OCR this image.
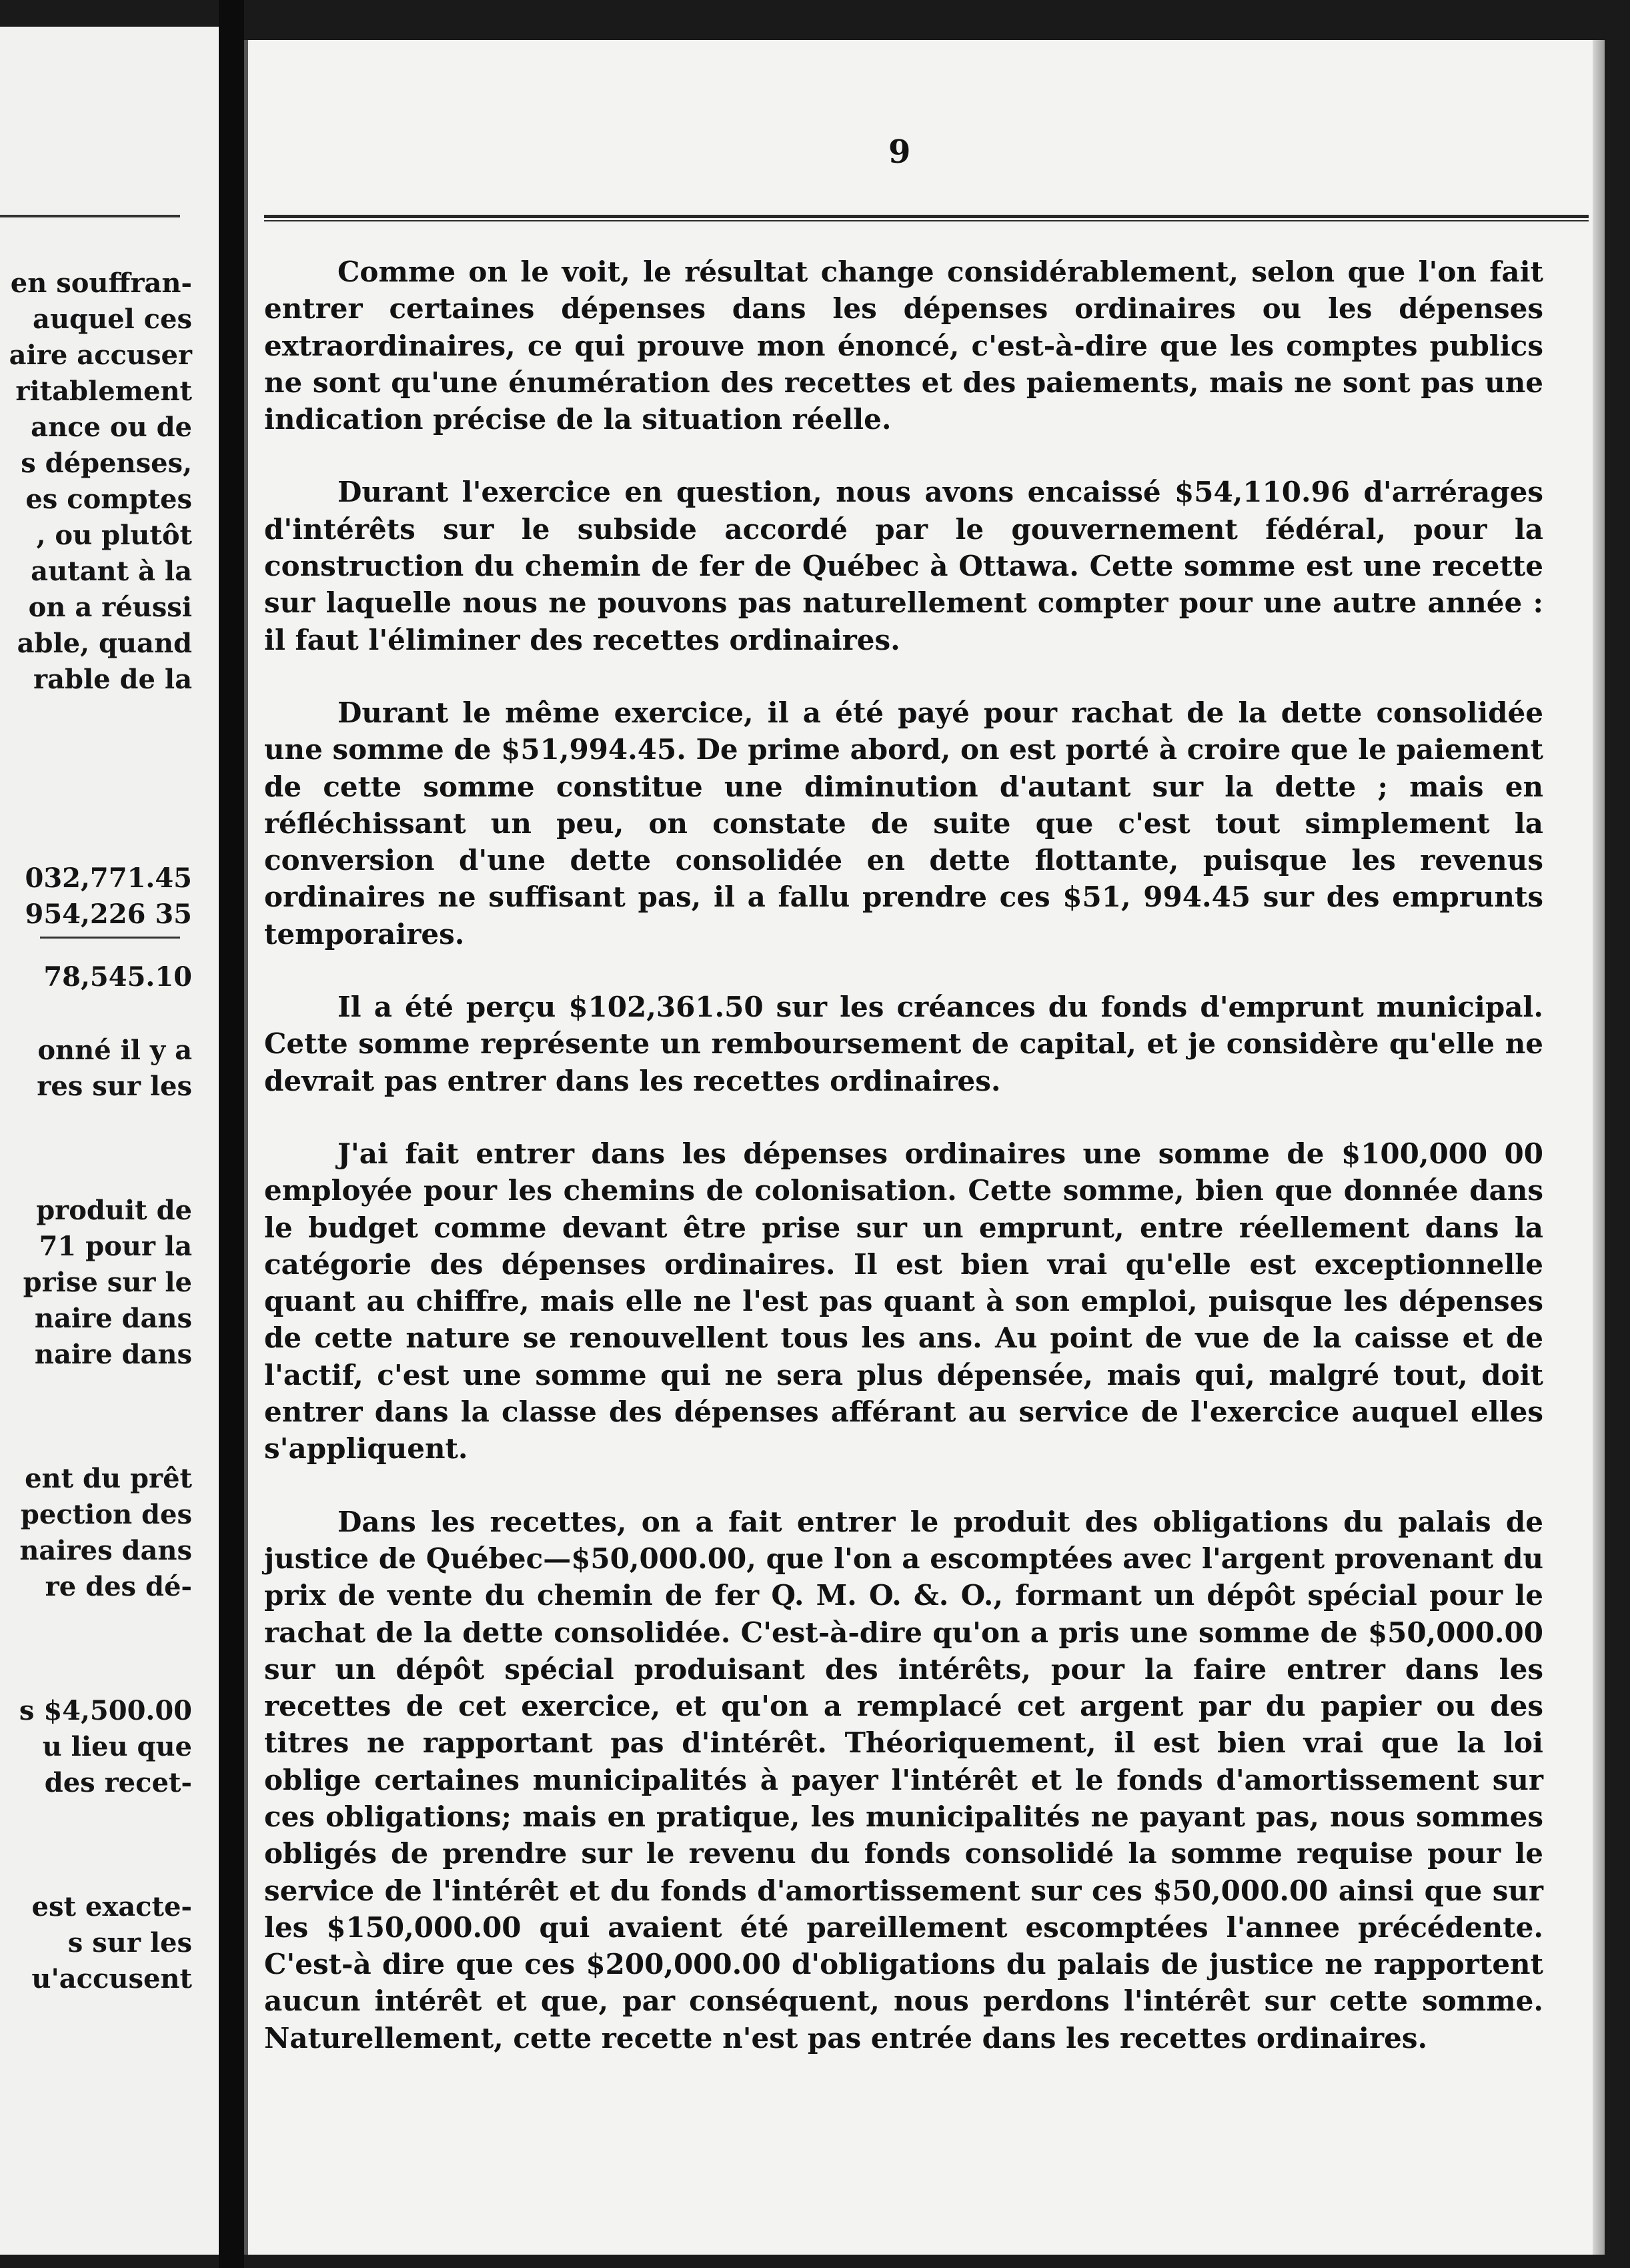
en souffran-
auquel ces
aire accuser
ritablement
ance ou de
s dépenses,
es comptes
, ou plutôt
autant à la
on a réussi
able, quand
rable de la
032,771.45
954,226 35
78,545.10
onné il y a
res sur les
produit de
71 pour la
prise sur le
naire dans
naire dans
ent du prêt
pection des
naires dans
re des dé-
s $4,500.00
u lieu que
des recet-
est exacte-
s sur les
u'accusent
9

Comme on le voit, le résultat change considérablement, selon que l'on fait entrer certaines dépenses dans les dépenses ordinaires ou les dépenses extraordinaires, ce qui prouve mon énoncé, c'est-à-dire que les comptes publics ne sont qu'une énumération des recettes et des paiements, mais ne sont pas une indication précise de la situation réelle.

Durant l'exercice en question, nous avons encaissé $54,110.96 d'arrérages d'intérêts sur le subside accordé par le gouvernement fédéral, pour la construction du chemin de fer de Québec à Ottawa. Cette somme est une recette sur laquelle nous ne pouvons pas naturellement compter pour une autre année : il faut l'éliminer des recettes ordinaires.

Durant le même exercice, il a été payé pour rachat de la dette consolidée une somme de $51,994.45. De prime abord, on est porté à croire que le paiement de cette somme constitue une diminution d'autant sur la dette ; mais en réfléchissant un peu, on constate de suite que c'est tout simplement la conversion d'une dette consolidée en dette flottante, puisque les revenus ordinaires ne suffisant pas, il a fallu prendre ces $51, 994.45 sur des emprunts temporaires.

Il a été perçu $102,361.50 sur les créances du fonds d'emprunt municipal. Cette somme représente un remboursement de capital, et je considère qu'elle ne devrait pas entrer dans les recettes ordinaires.

J'ai fait entrer dans les dépenses ordinaires une somme de $100,000 00 employée pour les chemins de colonisation. Cette somme, bien que donnée dans le budget comme devant être prise sur un emprunt, entre réellement dans la catégorie des dépenses ordinaires. Il est bien vrai qu'elle est exceptionnelle quant au chiffre, mais elle ne l'est pas quant à son emploi, puisque les dépenses de cette nature se renouvellent tous les ans. Au point de vue de la caisse et de l'actif, c'est une somme qui ne sera plus dépensée, mais qui, malgré tout, doit entrer dans la classe des dépenses afférant au service de l'exercice auquel elles s'appliquent.

Dans les recettes, on a fait entrer le produit des obligations du palais de justice de Québec—$50,000.00, que l'on a escomptées avec l'argent provenant du prix de vente du chemin de fer Q. M. O. &. O., formant un dépôt spécial pour le rachat de la dette consolidée. C'est-à-dire qu'on a pris une somme de $50,000.00 sur un dépôt spécial produisant des intérêts, pour la faire entrer dans les recettes de cet exercice, et qu'on a remplacé cet argent par du papier ou des titres ne rapportant pas d'intérêt. Théoriquement, il est bien vrai que la loi oblige certaines municipalités à payer l'intérêt et le fonds d'amortissement sur ces obligations; mais en pratique, les municipalités ne payant pas, nous sommes obligés de prendre sur le revenu du fonds consolidé la somme requise pour le service de l'intérêt et du fonds d'amortissement sur ces $50,000.00 ainsi que sur les $150,000.00 qui avaient été pareillement escomptées l'annee précédente. C'est-à dire que ces $200,000.00 d'obligations du palais de justice ne rapportent aucun intérêt et que, par conséquent, nous perdons l'intérêt sur cette somme. Naturellement, cette recette n'est pas entrée dans les recettes ordinaires.
